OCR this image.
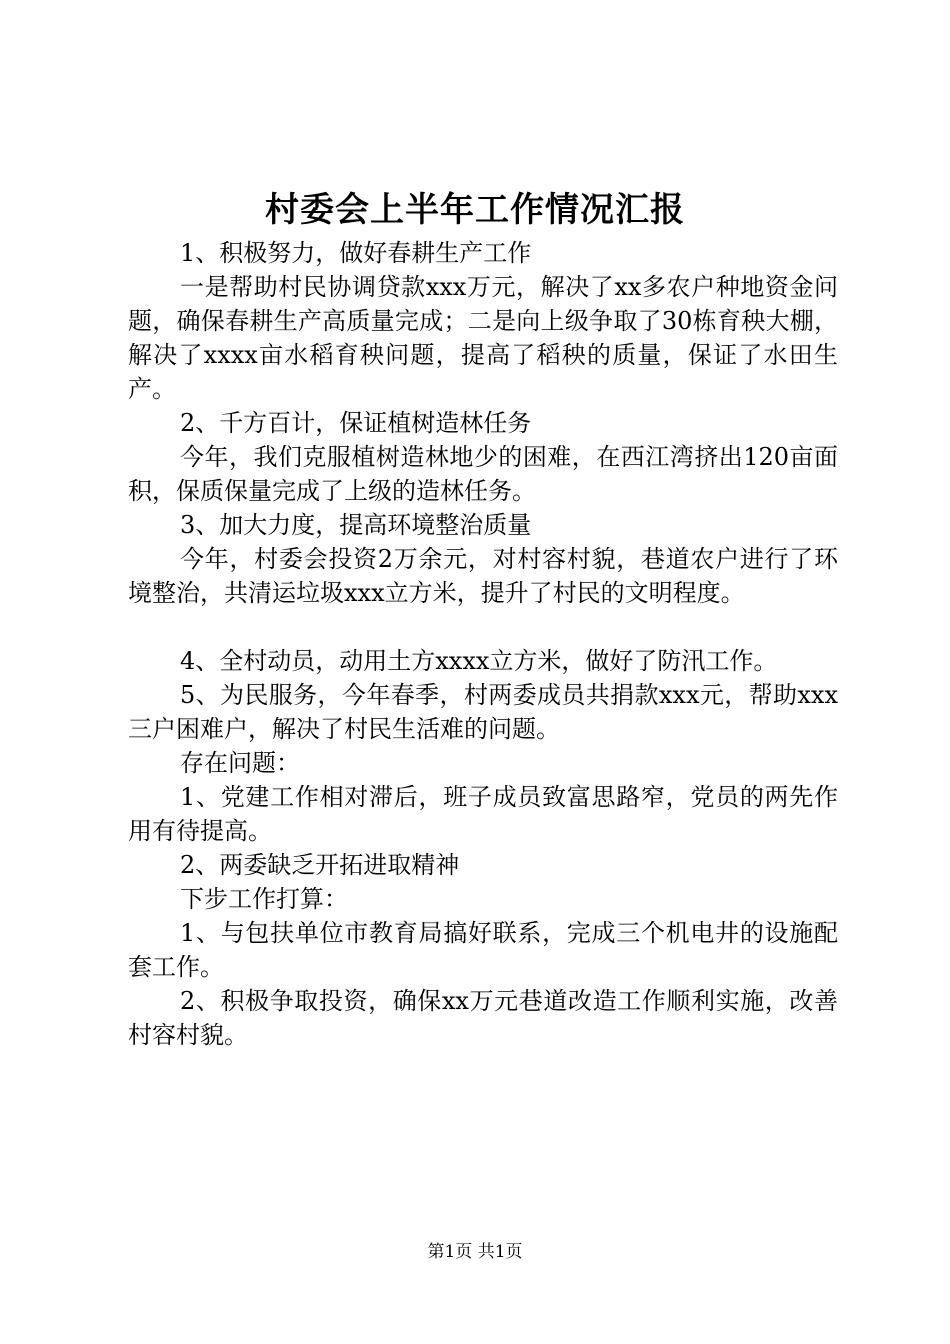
村委会上半年工作情况汇报

1、积极努力，做好春耕生产工作

一是帮助村民协调贷款xxx万元，解决了xx多农户种地资金问题，确保春耕生产高质量完成；二是向上级争取了30栋育秧大棚，解决了xxxx亩水稻育秧问题，提高了稻秧的质量，保证了水田生产。

2、千方百计，保证植树造林任务

今年，我们克服植树造林地少的困难，在西江湾挤出120亩面积，保质保量完成了上级的造林任务。

3、加大力度，提高环境整治质量

今年，村委会投资2万余元，对村容村貌，巷道农户进行了环境整治，共清运垃圾xxx立方米，提升了村民的文明程度。

4、全村动员，动用土方xxxx立方米，做好了防汛工作。

5、为民服务，今年春季，村两委成员共捐款xxx元，帮助xxx三户困难户，解决了村民生活难的问题。

存在问题：

1、党建工作相对滞后，班子成员致富思路窄，党员的两先作用有待提高。

2、两委缺乏开拓进取精神

下步工作打算：

1、与包扶单位市教育局搞好联系，完成三个机电井的设施配套工作。

2、积极争取投资，确保xx万元巷道改造工作顺利实施，改善村容村貌。

第1页 共1页
